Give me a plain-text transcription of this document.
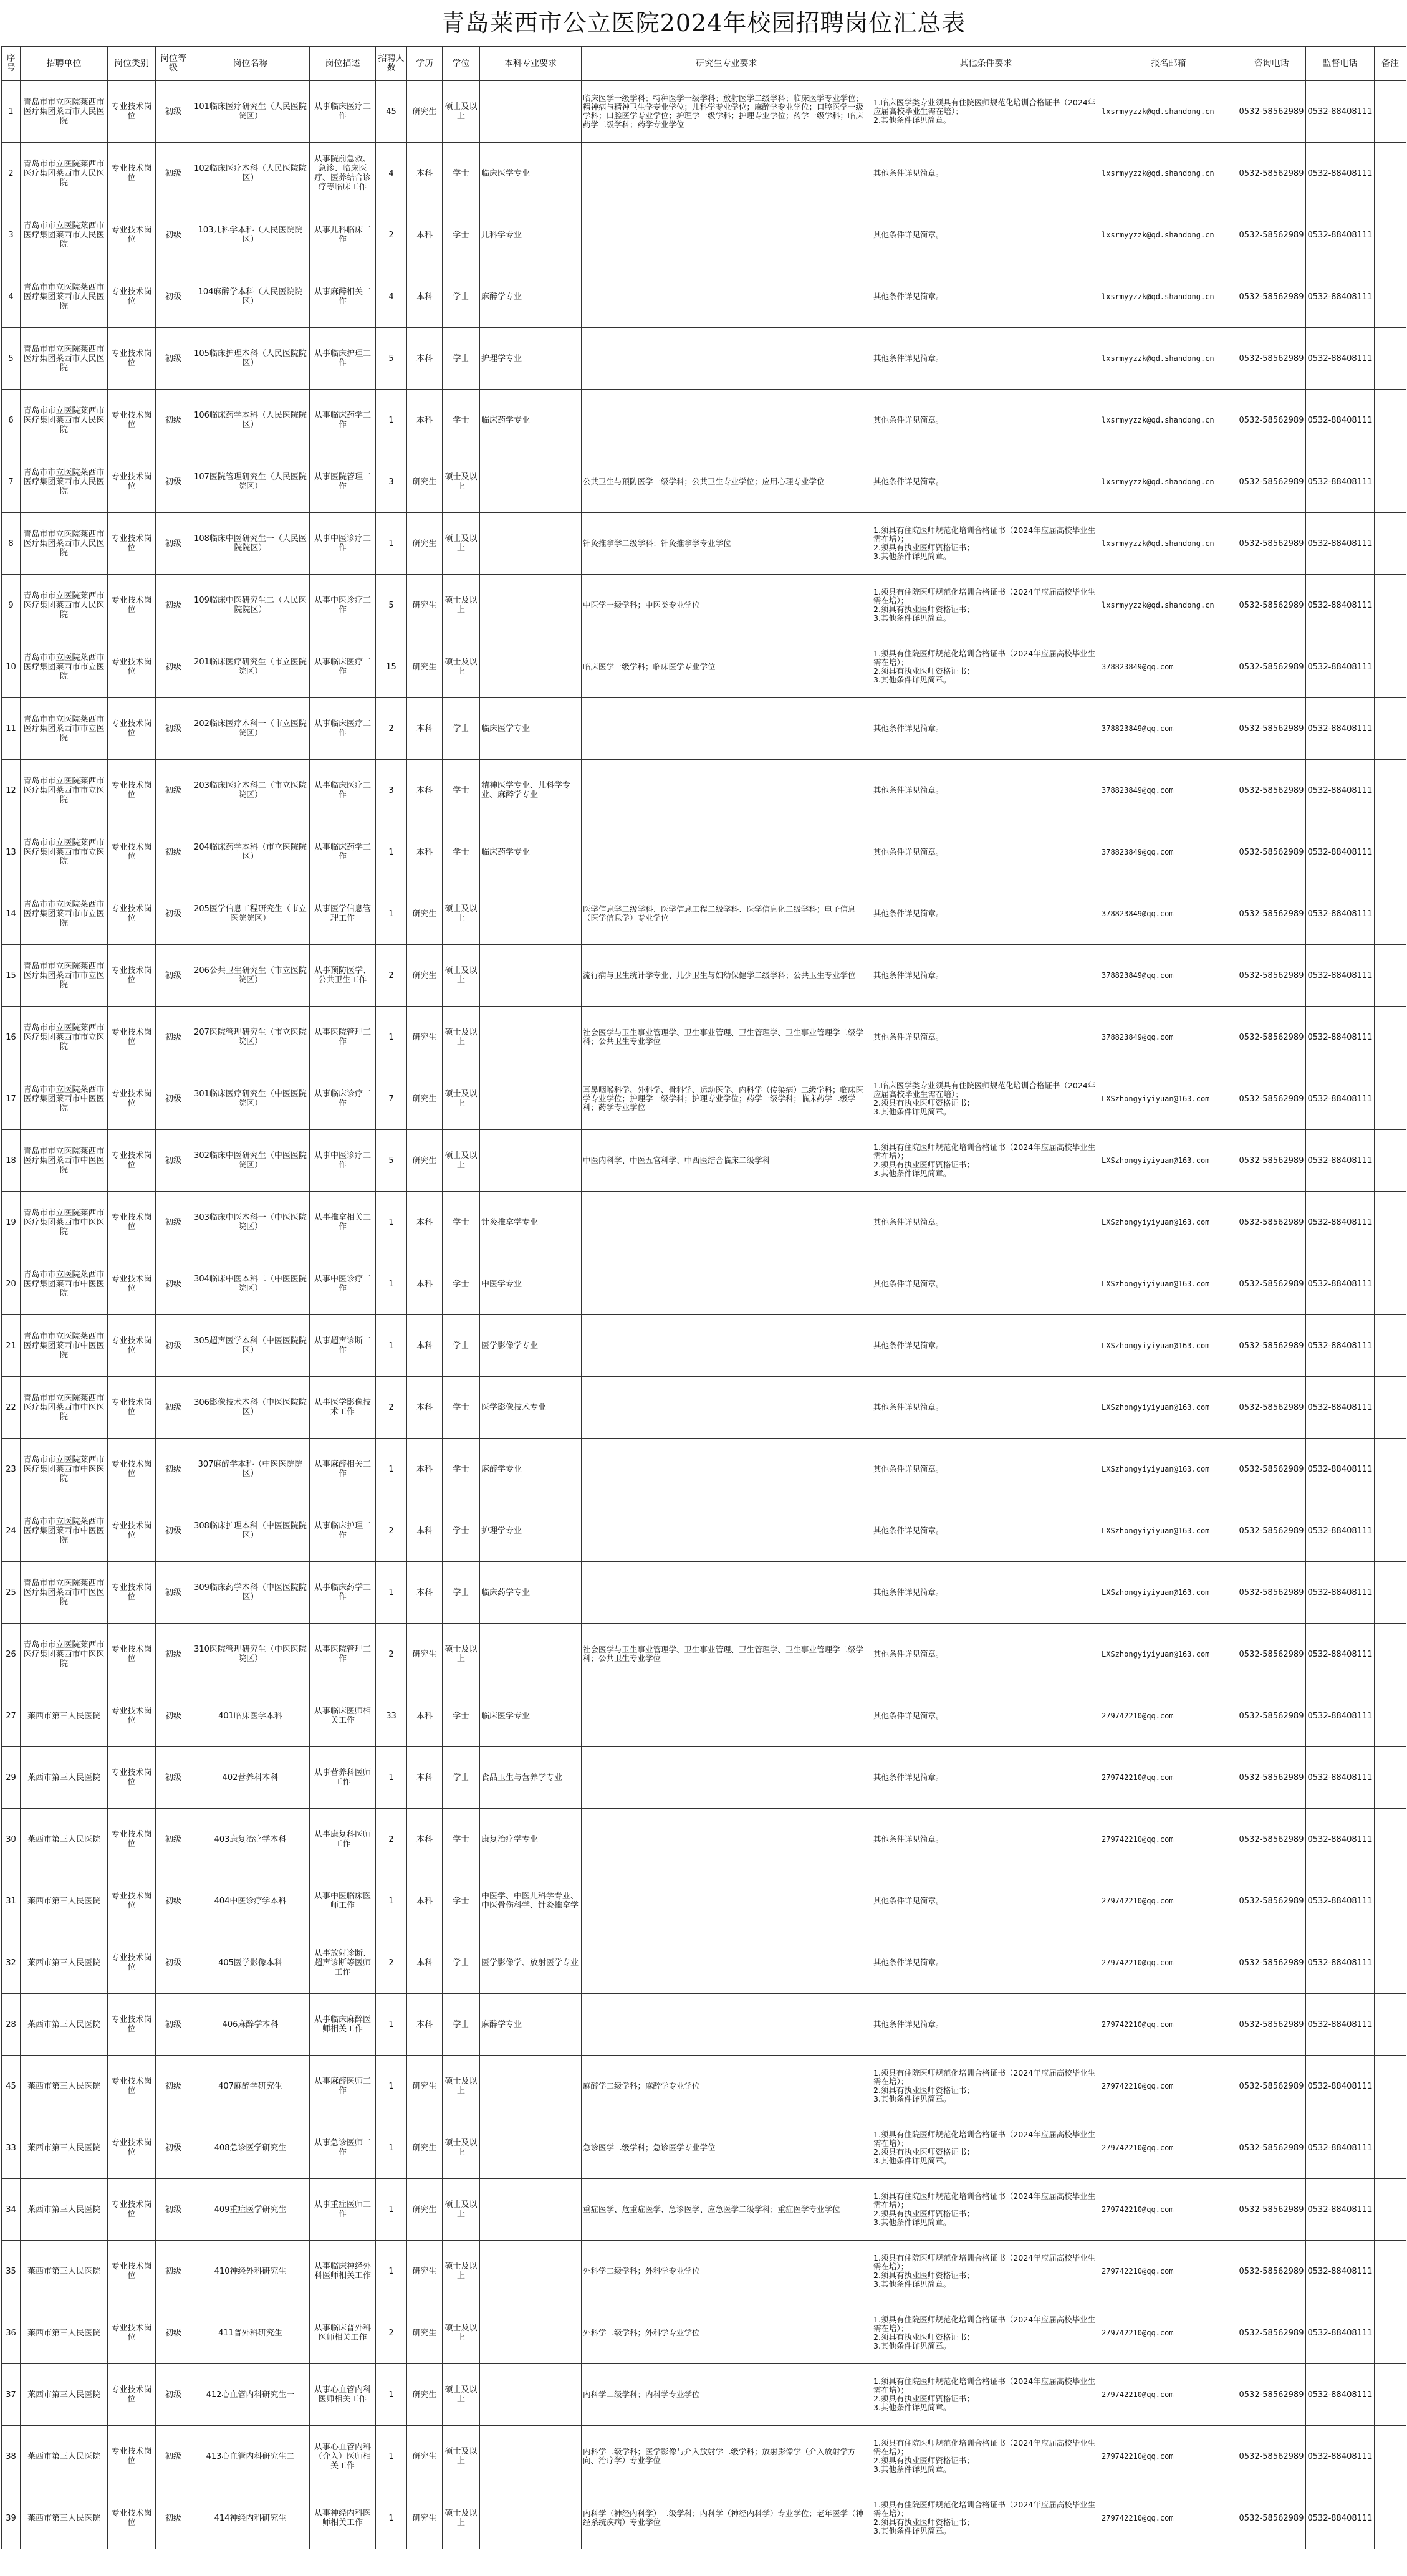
青岛莱西市公立医院2024年校园招聘岗位汇总表
序号	招聘单位	岗位类别	岗位等级	岗位名称	岗位描述	招聘人数	学历	学位	本科专业要求	研究生专业要求	其他条件要求	报名邮箱	咨询电话	监督电话	备注
1	青岛市市立医院莱西市医疗集团莱西市人民医院	专业技术岗位	初级	101临床医疗研究生（人民医院院区）	从事临床医疗工作	45	研究生	硕士及以上		临床医学一级学科；特种医学一级学科；放射医学二级学科；临床医学专业学位；精神病与精神卫生学专业学位；儿科学专业学位；麻醉学专业学位；口腔医学一级学科；口腔医学专业学位；护理学一级学科；护理专业学位；药学一级学科；临床药学二级学科；药学专业学位	1.临床医学类专业须具有住院医师规范化培训合格证书（2024年应届高校毕业生需在培）；
2.其他条件详见简章。	lxsrmyyzzk@qd.shandong.cn	0532-58562989	0532-88408111	
2	青岛市市立医院莱西市医疗集团莱西市人民医院	专业技术岗位	初级	102临床医疗本科（人民医院院区）	从事院前急救、急诊、临床医疗、医养结合诊疗等临床工作	4	本科	学士	临床医学专业		其他条件详见简章。	lxsrmyyzzk@qd.shandong.cn	0532-58562989	0532-88408111	
3	青岛市市立医院莱西市医疗集团莱西市人民医院	专业技术岗位	初级	103儿科学本科（人民医院院区）	从事儿科临床工作	2	本科	学士	儿科学专业		其他条件详见简章。	lxsrmyyzzk@qd.shandong.cn	0532-58562989	0532-88408111	
4	青岛市市立医院莱西市医疗集团莱西市人民医院	专业技术岗位	初级	104麻醉学本科（人民医院院区）	从事麻醉相关工作	4	本科	学士	麻醉学专业		其他条件详见简章。	lxsrmyyzzk@qd.shandong.cn	0532-58562989	0532-88408111	
5	青岛市市立医院莱西市医疗集团莱西市人民医院	专业技术岗位	初级	105临床护理本科（人民医院院区）	从事临床护理工作	5	本科	学士	护理学专业		其他条件详见简章。	lxsrmyyzzk@qd.shandong.cn	0532-58562989	0532-88408111	
6	青岛市市立医院莱西市医疗集团莱西市人民医院	专业技术岗位	初级	106临床药学本科（人民医院院区）	从事临床药学工作	1	本科	学士	临床药学专业		其他条件详见简章。	lxsrmyyzzk@qd.shandong.cn	0532-58562989	0532-88408111	
7	青岛市市立医院莱西市医疗集团莱西市人民医院	专业技术岗位	初级	107医院管理研究生（人民医院院区）	从事医院管理工作	3	研究生	硕士及以上		公共卫生与预防医学一级学科；公共卫生专业学位；应用心理专业学位	其他条件详见简章。	lxsrmyyzzk@qd.shandong.cn	0532-58562989	0532-88408111	
8	青岛市市立医院莱西市医疗集团莱西市人民医院	专业技术岗位	初级	108临床中医研究生一（人民医院院区）	从事中医诊疗工作	1	研究生	硕士及以上		针灸推拿学二级学科；针灸推拿学专业学位	1.须具有住院医师规范化培训合格证书（2024年应届高校毕业生需在培）；
2.须具有执业医师资格证书；
3.其他条件详见简章。	lxsrmyyzzk@qd.shandong.cn	0532-58562989	0532-88408111	
9	青岛市市立医院莱西市医疗集团莱西市人民医院	专业技术岗位	初级	109临床中医研究生二（人民医院院区）	从事中医诊疗工作	5	研究生	硕士及以上		中医学一级学科；中医类专业学位	1.须具有住院医师规范化培训合格证书（2024年应届高校毕业生需在培）；
2.须具有执业医师资格证书；
3.其他条件详见简章。	lxsrmyyzzk@qd.shandong.cn	0532-58562989	0532-88408111	
10	青岛市市立医院莱西市医疗集团莱西市市立医院	专业技术岗位	初级	201临床医疗研究生（市立医院院区）	从事临床医疗工作	15	研究生	硕士及以上		临床医学一级学科；临床医学专业学位	1.须具有住院医师规范化培训合格证书（2024年应届高校毕业生需在培）；
2.须具有执业医师资格证书；
3.其他条件详见简章。	378823849@qq.com	0532-58562989	0532-88408111	
11	青岛市市立医院莱西市医疗集团莱西市市立医院	专业技术岗位	初级	202临床医疗本科一（市立医院院区）	从事临床医疗工作	2	本科	学士	临床医学专业		其他条件详见简章。	378823849@qq.com	0532-58562989	0532-88408111	
12	青岛市市立医院莱西市医疗集团莱西市市立医院	专业技术岗位	初级	203临床医疗本科二（市立医院院区）	从事临床医疗工作	3	本科	学士	精神医学专业、儿科学专业、麻醉学专业		其他条件详见简章。	378823849@qq.com	0532-58562989	0532-88408111	
13	青岛市市立医院莱西市医疗集团莱西市市立医院	专业技术岗位	初级	204临床药学本科（市立医院院区）	从事临床药学工作	1	本科	学士	临床药学专业		其他条件详见简章。	378823849@qq.com	0532-58562989	0532-88408111	
14	青岛市市立医院莱西市医疗集团莱西市市立医院	专业技术岗位	初级	205医学信息工程研究生（市立医院院区）	从事医学信息管理工作	1	研究生	硕士及以上		医学信息学二级学科、医学信息工程二级学科、医学信息化二级学科；电子信息（医学信息学）专业学位	其他条件详见简章。	378823849@qq.com	0532-58562989	0532-88408111	
15	青岛市市立医院莱西市医疗集团莱西市市立医院	专业技术岗位	初级	206公共卫生研究生（市立医院院区）	从事预防医学、公共卫生工作	2	研究生	硕士及以上		流行病与卫生统计学专业、儿少卫生与妇幼保健学二级学科；公共卫生专业学位	其他条件详见简章。	378823849@qq.com	0532-58562989	0532-88408111	
16	青岛市市立医院莱西市医疗集团莱西市市立医院	专业技术岗位	初级	207医院管理研究生（市立医院院区）	从事医院管理工作	1	研究生	硕士及以上		社会医学与卫生事业管理学、卫生事业管理、卫生管理学、卫生事业管理学二级学科；公共卫生专业学位	其他条件详见简章。	378823849@qq.com	0532-58562989	0532-88408111	
17	青岛市市立医院莱西市医疗集团莱西市中医医院	专业技术岗位	初级	301临床医疗研究生（中医医院院区）	从事临床诊疗工作	7	研究生	硕士及以上		耳鼻咽喉科学、外科学、骨科学、运动医学、内科学（传染病）二级学科；临床医学专业学位；护理学一级学科；护理专业学位；药学一级学科；临床药学二级学科；药学专业学位	1.临床医学类专业须具有住院医师规范化培训合格证书（2024年应届高校毕业生需在培）；
2.须具有执业医师资格证书；
3.其他条件详见简章。	LXSzhongyiyiyuan@163.com	0532-58562989	0532-88408111	
18	青岛市市立医院莱西市医疗集团莱西市中医医院	专业技术岗位	初级	302临床中医研究生（中医医院院区）	从事中医诊疗工作	5	研究生	硕士及以上		中医内科学、中医五官科学、中西医结合临床二级学科	1.须具有住院医师规范化培训合格证书（2024年应届高校毕业生需在培）；
2.须具有执业医师资格证书；
3.其他条件详见简章。	LXSzhongyiyiyuan@163.com	0532-58562989	0532-88408111	
19	青岛市市立医院莱西市医疗集团莱西市中医医院	专业技术岗位	初级	303临床中医本科一（中医医院院区）	从事推拿相关工作	1	本科	学士	针灸推拿学专业		其他条件详见简章。	LXSzhongyiyiyuan@163.com	0532-58562989	0532-88408111	
20	青岛市市立医院莱西市医疗集团莱西市中医医院	专业技术岗位	初级	304临床中医本科二（中医医院院区）	从事中医诊疗工作	1	本科	学士	中医学专业		其他条件详见简章。	LXSzhongyiyiyuan@163.com	0532-58562989	0532-88408111	
21	青岛市市立医院莱西市医疗集团莱西市中医医院	专业技术岗位	初级	305超声医学本科（中医医院院区）	从事超声诊断工作	1	本科	学士	医学影像学专业		其他条件详见简章。	LXSzhongyiyiyuan@163.com	0532-58562989	0532-88408111	
22	青岛市市立医院莱西市医疗集团莱西市中医医院	专业技术岗位	初级	306影像技术本科（中医医院院区）	从事医学影像技术工作	2	本科	学士	医学影像技术专业		其他条件详见简章。	LXSzhongyiyiyuan@163.com	0532-58562989	0532-88408111	
23	青岛市市立医院莱西市医疗集团莱西市中医医院	专业技术岗位	初级	307麻醉学本科（中医医院院区）	从事麻醉相关工作	1	本科	学士	麻醉学专业		其他条件详见简章。	LXSzhongyiyiyuan@163.com	0532-58562989	0532-88408111	
24	青岛市市立医院莱西市医疗集团莱西市中医医院	专业技术岗位	初级	308临床护理本科（中医医院院区）	从事临床护理工作	2	本科	学士	护理学专业		其他条件详见简章。	LXSzhongyiyiyuan@163.com	0532-58562989	0532-88408111	
25	青岛市市立医院莱西市医疗集团莱西市中医医院	专业技术岗位	初级	309临床药学本科（中医医院院区）	从事临床药学工作	1	本科	学士	临床药学专业		其他条件详见简章。	LXSzhongyiyiyuan@163.com	0532-58562989	0532-88408111	
26	青岛市市立医院莱西市医疗集团莱西市中医医院	专业技术岗位	初级	310医院管理研究生（中医医院院区）	从事医院管理工作	2	研究生	硕士及以上		社会医学与卫生事业管理学、卫生事业管理、卫生管理学、卫生事业管理学二级学科；公共卫生专业学位	其他条件详见简章。	LXSzhongyiyiyuan@163.com	0532-58562989	0532-88408111	
27	莱西市第三人民医院	专业技术岗位	初级	401临床医学本科	从事临床医师相关工作	33	本科	学士	临床医学专业		其他条件详见简章。	279742210@qq.com	0532-58562989	0532-88408111	
29	莱西市第三人民医院	专业技术岗位	初级	402营养科本科	从事营养科医师工作	1	本科	学士	食品卫生与营养学专业		其他条件详见简章。	279742210@qq.com	0532-58562989	0532-88408111	
30	莱西市第三人民医院	专业技术岗位	初级	403康复治疗学本科	从事康复科医师工作	2	本科	学士	康复治疗学专业		其他条件详见简章。	279742210@qq.com	0532-58562989	0532-88408111	
31	莱西市第三人民医院	专业技术岗位	初级	404中医诊疗学本科	从事中医临床医师工作	1	本科	学士	中医学、中医儿科学专业、中医骨伤科学、针灸推拿学		其他条件详见简章。	279742210@qq.com	0532-58562989	0532-88408111	
32	莱西市第三人民医院	专业技术岗位	初级	405医学影像本科	从事放射诊断、超声诊断等医师工作	2	本科	学士	医学影像学、放射医学专业		其他条件详见简章。	279742210@qq.com	0532-58562989	0532-88408111	
28	莱西市第三人民医院	专业技术岗位	初级	406麻醉学本科	从事临床麻醉医师相关工作	1	本科	学士	麻醉学专业		其他条件详见简章。	279742210@qq.com	0532-58562989	0532-88408111	
45	莱西市第三人民医院	专业技术岗位	初级	407麻醉学研究生	从事麻醉医师工作	1	研究生	硕士及以上		麻醉学二级学科；麻醉学专业学位	1.须具有住院医师规范化培训合格证书（2024年应届高校毕业生需在培）；
2.须具有执业医师资格证书；
3.其他条件详见简章。	279742210@qq.com	0532-58562989	0532-88408111	
33	莱西市第三人民医院	专业技术岗位	初级	408急诊医学研究生	从事急诊医师工作	1	研究生	硕士及以上		急诊医学二级学科；急诊医学专业学位	1.须具有住院医师规范化培训合格证书（2024年应届高校毕业生需在培）；
2.须具有执业医师资格证书；
3.其他条件详见简章。	279742210@qq.com	0532-58562989	0532-88408111	
34	莱西市第三人民医院	专业技术岗位	初级	409重症医学研究生	从事重症医师工作	1	研究生	硕士及以上		重症医学、危重症医学、急诊医学、应急医学二级学科；重症医学专业学位	1.须具有住院医师规范化培训合格证书（2024年应届高校毕业生需在培）；
2.须具有执业医师资格证书；
3.其他条件详见简章。	279742210@qq.com	0532-58562989	0532-88408111	
35	莱西市第三人民医院	专业技术岗位	初级	410神经外科研究生	从事临床神经外科医师相关工作	1	研究生	硕士及以上		外科学二级学科；外科学专业学位	1.须具有住院医师规范化培训合格证书（2024年应届高校毕业生需在培）；
2.须具有执业医师资格证书；
3.其他条件详见简章。	279742210@qq.com	0532-58562989	0532-88408111	
36	莱西市第三人民医院	专业技术岗位	初级	411普外科研究生	从事临床普外科医师相关工作	2	研究生	硕士及以上		外科学二级学科；外科学专业学位	1.须具有住院医师规范化培训合格证书（2024年应届高校毕业生需在培）；
2.须具有执业医师资格证书；
3.其他条件详见简章。	279742210@qq.com	0532-58562989	0532-88408111	
37	莱西市第三人民医院	专业技术岗位	初级	412心血管内科研究生一	从事心血管内科医师相关工作	1	研究生	硕士及以上		内科学二级学科；内科学专业学位	1.须具有住院医师规范化培训合格证书（2024年应届高校毕业生需在培）；
2.须具有执业医师资格证书；
3.其他条件详见简章。	279742210@qq.com	0532-58562989	0532-88408111	
38	莱西市第三人民医院	专业技术岗位	初级	413心血管内科研究生二	从事心血管内科（介入）医师相关工作	1	研究生	硕士及以上		内科学二级学科；医学影像与介入放射学二级学科；放射影像学（介入放射学方向、治疗学）专业学位	1.须具有住院医师规范化培训合格证书（2024年应届高校毕业生需在培）；
2.须具有执业医师资格证书；
3.其他条件详见简章。	279742210@qq.com	0532-58562989	0532-88408111	
39	莱西市第三人民医院	专业技术岗位	初级	414神经内科研究生	从事神经内科医师相关工作	1	研究生	硕士及以上		内科学（神经内科学）二级学科；内科学（神经内科学）专业学位；老年医学（神经系统疾病）专业学位	1.须具有住院医师规范化培训合格证书（2024年应届高校毕业生需在培）；
2.须具有执业医师资格证书；
3.其他条件详见简章。	279742210@qq.com	0532-58562989	0532-88408111	
